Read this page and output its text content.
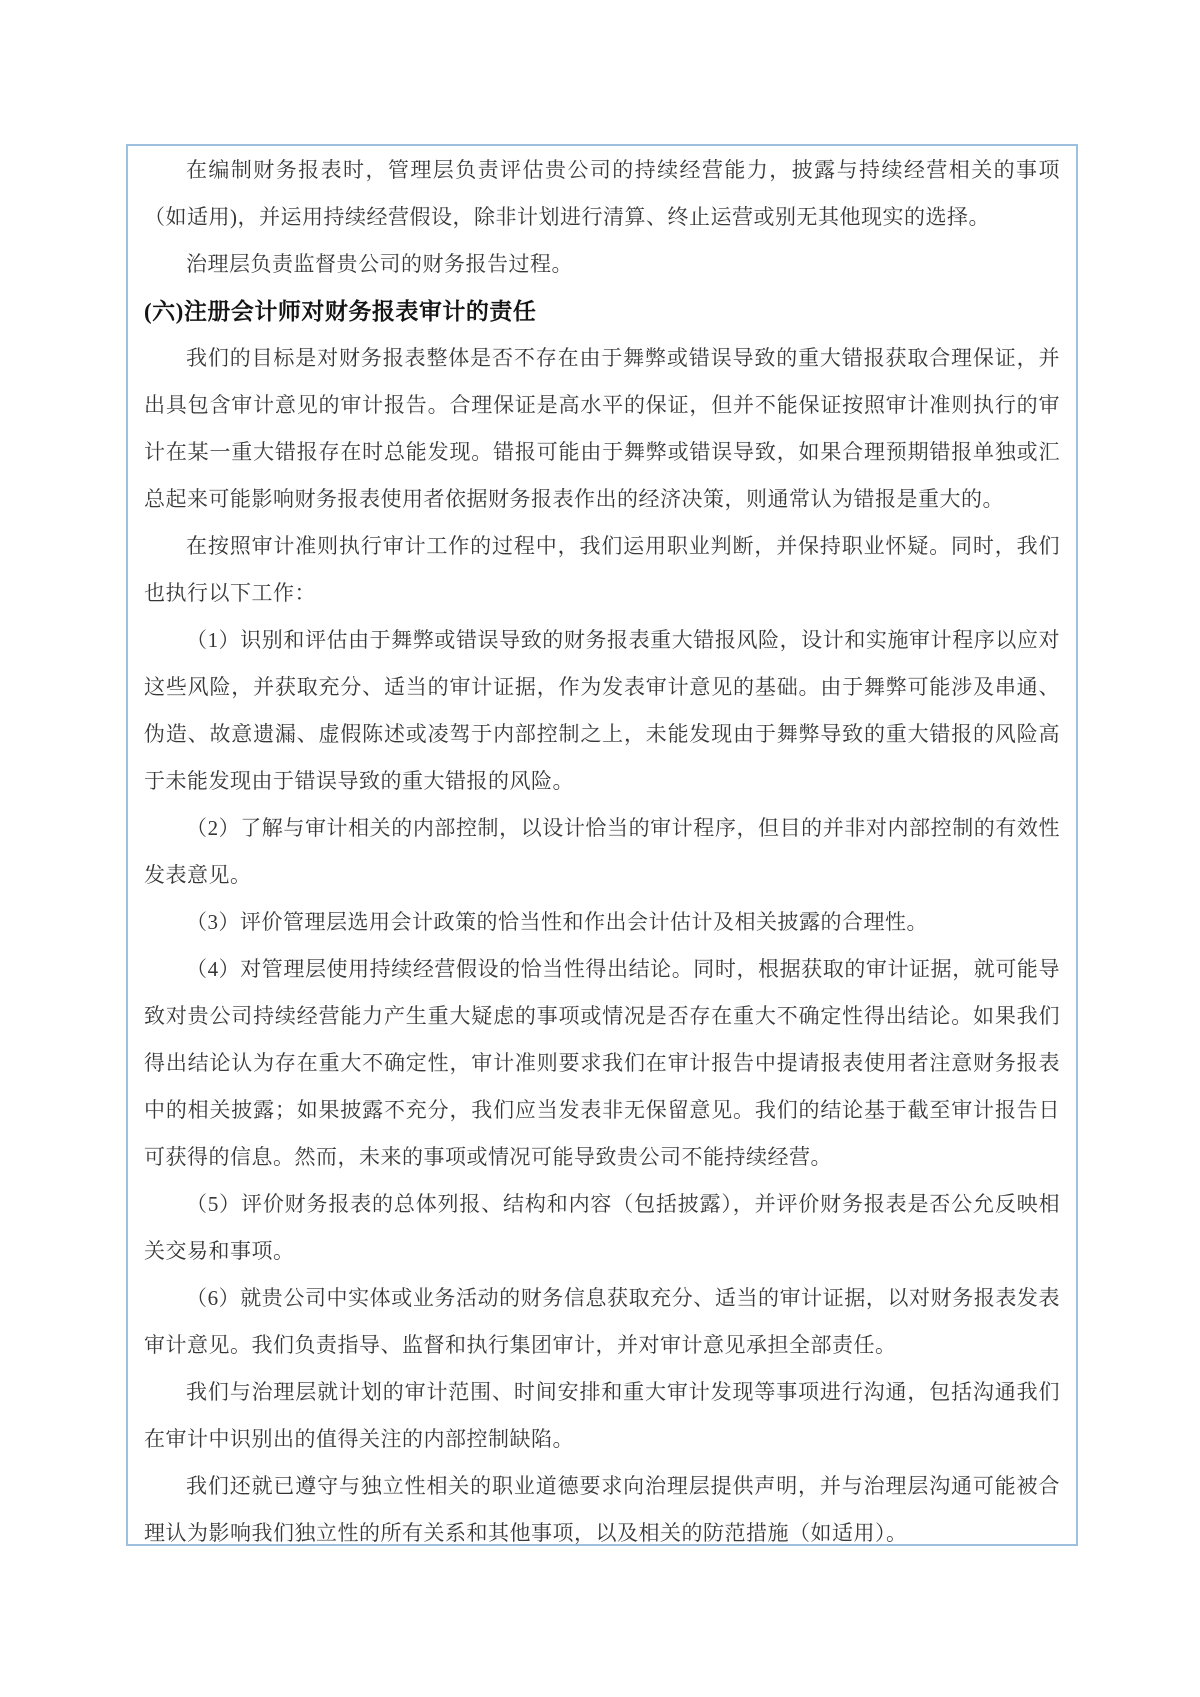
在编制财务报表时，管理层负责评估贵公司的持续经营能力，披露与持续经营相关的事项（如适用)，并运用持续经营假设，除非计划进行清算、终止运营或别无其他现实的选择。

治理层负责监督贵公司的财务报告过程。

(六)注册会计师对财务报表审计的责任

我们的目标是对财务报表整体是否不存在由于舞弊或错误导致的重大错报获取合理保证，并出具包含审计意见的审计报告。合理保证是高水平的保证，但并不能保证按照审计准则执行的审计在某一重大错报存在时总能发现。错报可能由于舞弊或错误导致，如果合理预期错报单独或汇总起来可能影响财务报表使用者依据财务报表作出的经济决策，则通常认为错报是重大的。

在按照审计准则执行审计工作的过程中，我们运用职业判断，并保持职业怀疑。同时，我们也执行以下工作：

（1）识别和评估由于舞弊或错误导致的财务报表重大错报风险，设计和实施审计程序以应对这些风险，并获取充分、适当的审计证据，作为发表审计意见的基础。由于舞弊可能涉及串通、伪造、故意遗漏、虚假陈述或凌驾于内部控制之上，未能发现由于舞弊导致的重大错报的风险高于未能发现由于错误导致的重大错报的风险。

（2）了解与审计相关的内部控制，以设计恰当的审计程序，但目的并非对内部控制的有效性发表意见。

（3）评价管理层选用会计政策的恰当性和作出会计估计及相关披露的合理性。

（4）对管理层使用持续经营假设的恰当性得出结论。同时，根据获取的审计证据，就可能导致对贵公司持续经营能力产生重大疑虑的事项或情况是否存在重大不确定性得出结论。如果我们得出结论认为存在重大不确定性，审计准则要求我们在审计报告中提请报表使用者注意财务报表中的相关披露；如果披露不充分，我们应当发表非无保留意见。我们的结论基于截至审计报告日可获得的信息。然而，未来的事项或情况可能导致贵公司不能持续经营。

（5）评价财务报表的总体列报、结构和内容（包括披露），并评价财务报表是否公允反映相关交易和事项。

（6）就贵公司中实体或业务活动的财务信息获取充分、适当的审计证据，以对财务报表发表审计意见。我们负责指导、监督和执行集团审计，并对审计意见承担全部责任。

我们与治理层就计划的审计范围、时间安排和重大审计发现等事项进行沟通，包括沟通我们在审计中识别出的值得关注的内部控制缺陷。

我们还就已遵守与独立性相关的职业道德要求向治理层提供声明，并与治理层沟通可能被合理认为影响我们独立性的所有关系和其他事项，以及相关的防范措施（如适用）。
